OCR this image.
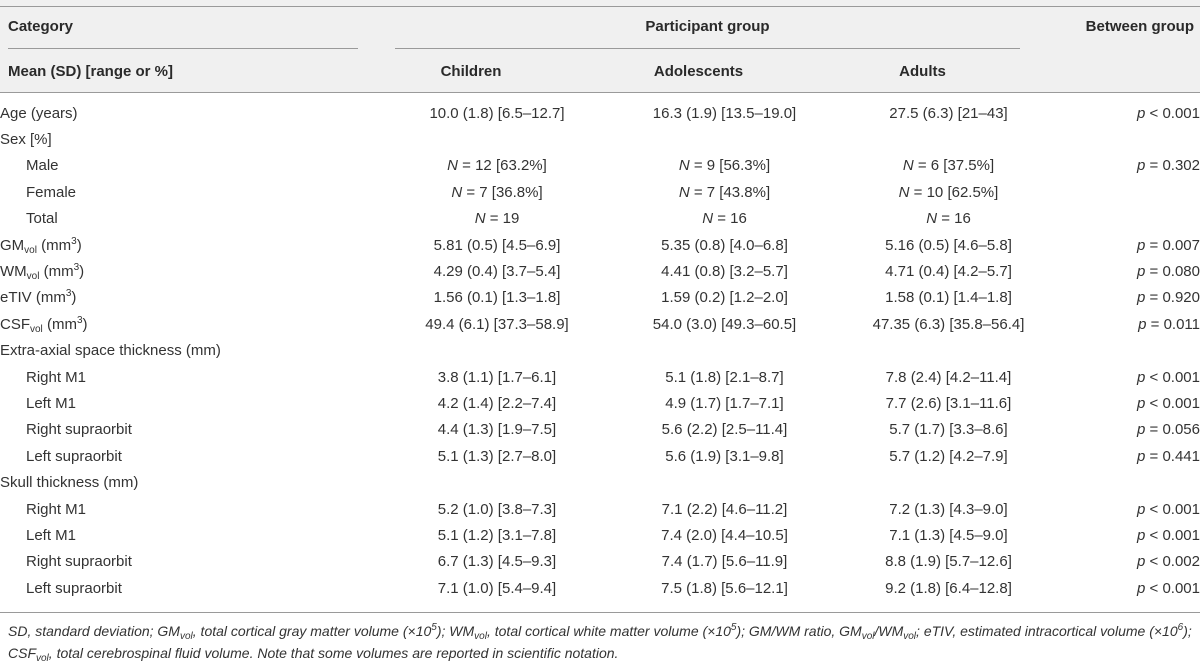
Category	Participant group	Between group
Mean (SD) [range or %]	Children	Adolescents	Adults
Age (years)	10.0 (1.8) [6.5–12.7]	16.3 (1.9) [13.5–19.0]	27.5 (6.3) [21–43]	p < 0.001
Sex [%]				
Male	N = 12 [63.2%]	N = 9 [56.3%]	N = 6 [37.5%]	p = 0.302
Female	N = 7 [36.8%]	N = 7 [43.8%]	N = 10 [62.5%]	
Total	N = 19	N = 16	N = 16	
$GM_{vol}$ $(mm^3)$	5.81 (0.5) [4.5–6.9]	5.35 (0.8) [4.0–6.8]	5.16 (0.5) [4.6–5.8]	p = 0.007
$WM_{vol}$ $(mm^3)$	4.29 (0.4) [3.7–5.4]	4.41 (0.8) [3.2–5.7]	4.71 (0.4) [4.2–5.7]	p = 0.080
eTIV $(mm^3)$	1.56 (0.1) [1.3–1.8]	1.59 (0.2) [1.2–2.0]	1.58 (0.1) [1.4–1.8]	p = 0.920
$CSF_{vol}$ $(mm^3)$	49.4 (6.1) [37.3–58.9]	54.0 (3.0) [49.3–60.5]	47.35 (6.3) [35.8–56.4]	p = 0.011
Extra-axial space thickness (mm)				
Right M1	3.8 (1.1) [1.7–6.1]	5.1 (1.8) [2.1–8.7]	7.8 (2.4) [4.2–11.4]	p < 0.001
Left M1	4.2 (1.4) [2.2–7.4]	4.9 (1.7) [1.7–7.1]	7.7 (2.6) [3.1–11.6]	p < 0.001
Right supraorbit	4.4 (1.3) [1.9–7.5]	5.6 (2.2) [2.5–11.4]	5.7 (1.7) [3.3–8.6]	p = 0.056
Left supraorbit	5.1 (1.3) [2.7–8.0]	5.6 (1.9) [3.1–9.8]	5.7 (1.2) [4.2–7.9]	p = 0.441
Skull thickness (mm)				
Right M1	5.2 (1.0) [3.8–7.3]	7.1 (2.2) [4.6–11.2]	7.2 (1.3) [4.3–9.0]	p < 0.001
Left M1	5.1 (1.2) [3.1–7.8]	7.4 (2.0) [4.4–10.5]	7.1 (1.3) [4.5–9.0]	p < 0.001
Right supraorbit	6.7 (1.3) [4.5–9.3]	7.4 (1.7) [5.6–11.9]	8.8 (1.9) [5.7–12.6]	p < 0.002
Left supraorbit	7.1 (1.0) [5.4–9.4]	7.5 (1.8) [5.6–12.1]	9.2 (1.8) [6.4–12.8]	p < 0.001
SD, standard deviation; $GM_{vol}$, total cortical gray matter volume $(\times 10^5)$; $WM_{vol}$, total cortical white matter volume $(\times 10^5)$; GM/WM ratio, $GM_{vol}/WM_{vol}$; eTIV, estimated intracortical volume $(\times 10^6)$; $CSF_{vol}$, total cerebrospinal fluid volume. Note that some volumes are reported in scientific notation.
